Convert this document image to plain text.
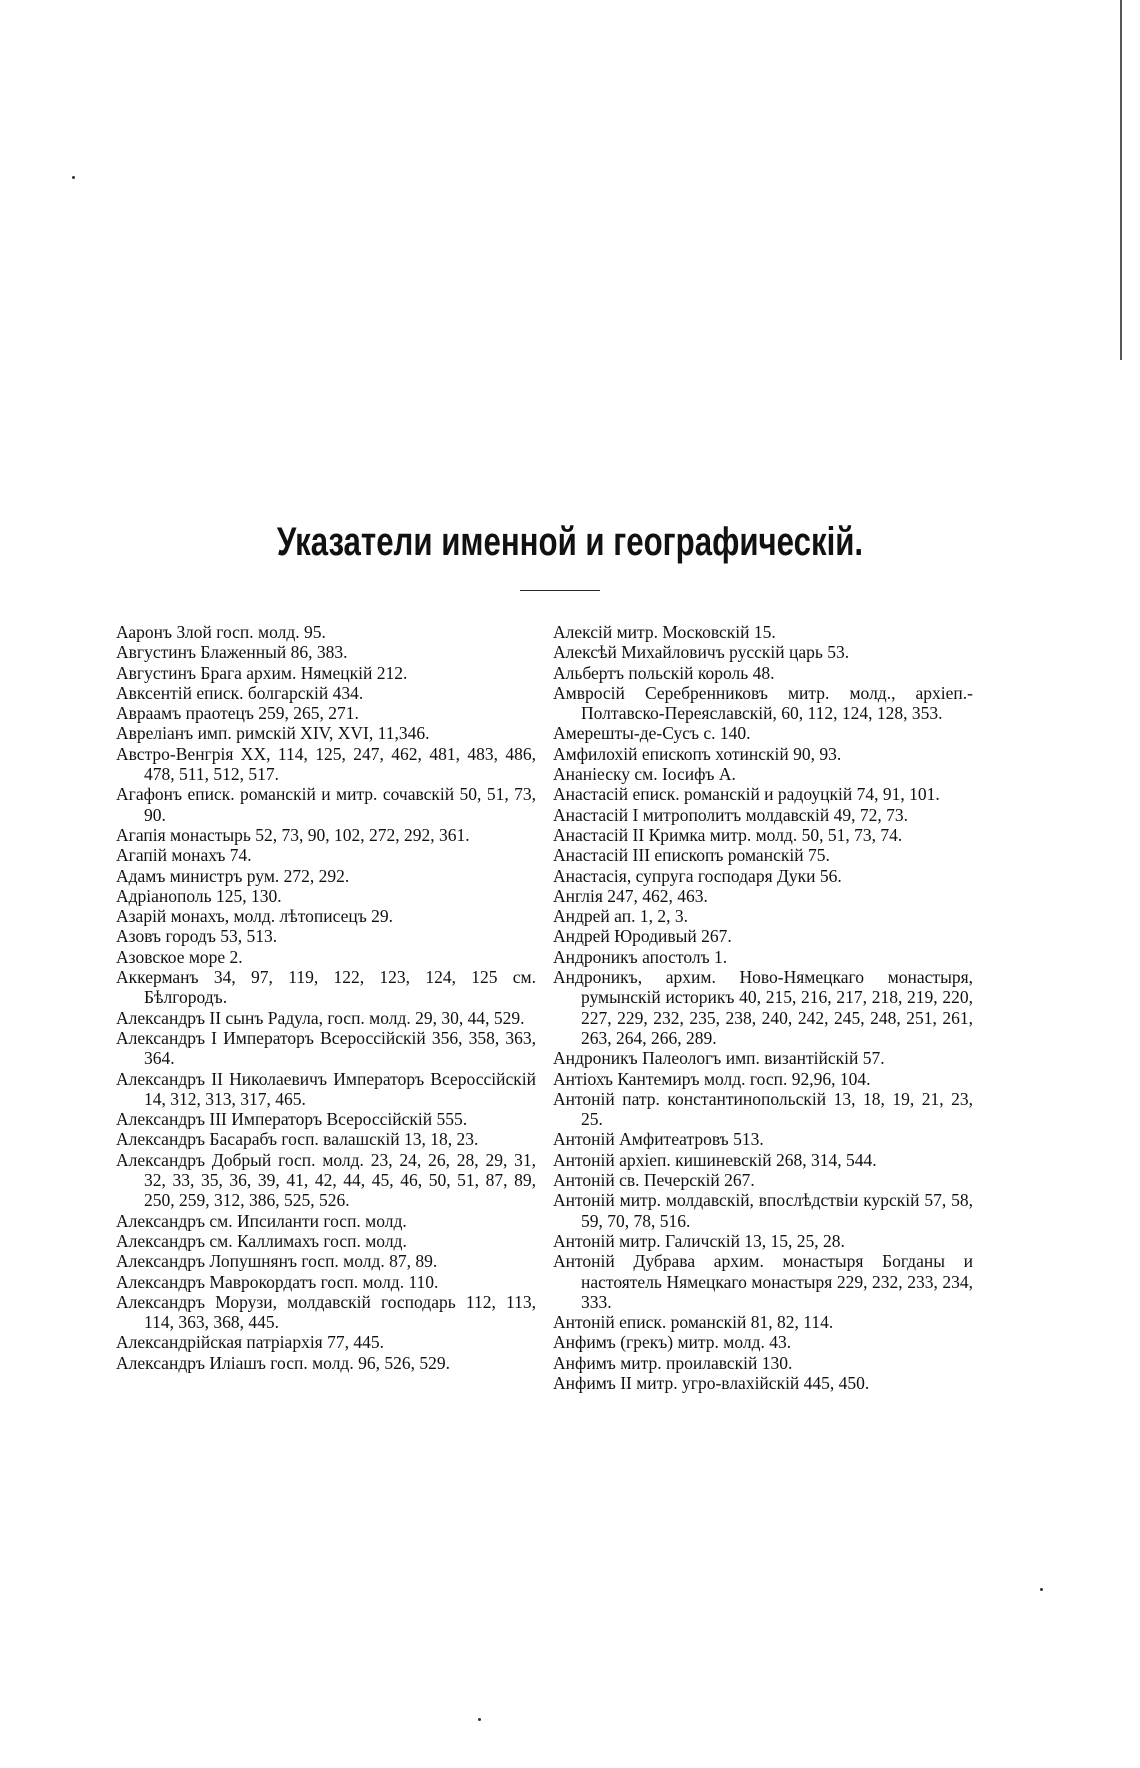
Указатели именной и географическій.
Ааронъ Злой госп. молд. 95.
Августинъ Блаженный 86, 383.
Августинъ Брага архим. Нямецкій 212.
Авксентій еписк. болгарскій 434.
Авраамъ праотецъ 259, 265, 271.
Аврелiанъ имп. римскій XIV, XVI, 11,346.
Австро-Венгрія XX, 114, 125, 247, 462, 481, 483, 486, 478, 511, 512, 517.
Агафонъ еписк. романскій и митр. сочавскій 50, 51, 73, 90.
Агапія монастырь 52, 73, 90, 102, 272, 292, 361.
Агапій монахъ 74.
Адамъ министръ рум. 272, 292.
Адріанополь 125, 130.
Азарій монахъ, молд. лѣтописецъ 29.
Азовъ городъ 53, 513.
Азовское море 2.
Аккерманъ 34, 97, 119, 122, 123, 124, 125 см. Бѣлгородъ.
Александръ II сынъ Радула, госп. молд. 29, 30, 44, 529.
Александръ I Императоръ Всероссійскій 356, 358, 363, 364.
Александръ II Николаевичъ Императоръ Всероссійскій 14, 312, 313, 317, 465.
Александръ III Императоръ Всероссійскій 555.
Александръ Басарабъ госп. валашскій 13, 18, 23.
Александръ Добрый госп. молд. 23, 24, 26, 28, 29, 31, 32, 33, 35, 36, 39, 41, 42, 44, 45, 46, 50, 51, 87, 89, 250, 259, 312, 386, 525, 526.
Александръ см. Ипсиланти госп. молд.
Александръ см. Каллимахъ госп. молд.
Александръ Лопушнянъ госп. молд. 87, 89.
Александръ Маврокордатъ госп. молд. 110.
Александръ Морузи, молдавскій господарь 112, 113, 114, 363, 368, 445.
Александрійская патріархія 77, 445.
Александръ Иліашъ госп. молд. 96, 526, 529.
Алексій митр. Московскій 15.
Алексѣй Михайловичъ русскій царь 53.
Альбертъ польскій король 48.
Амвросій Серебренниковъ митр. молд., архіеп.-Полтавско-Переяславскій, 60, 112, 124, 128, 353.
Амерешты-де-Сусъ с. 140.
Амфилохій епископъ хотинскій 90, 93.
Ананіеску см. Іосифъ А.
Анастасій еписк. романскій и радоуцкій 74, 91, 101.
Анастасій I митрополитъ молдавскій 49, 72, 73.
Анастасій II Кримка митр. молд. 50, 51, 73, 74.
Анастасій III епископъ романскій 75.
Анастасія, супруга господаря Дуки 56.
Англія 247, 462, 463.
Андрей ап. 1, 2, 3.
Андрей Юродивый 267.
Андроникъ апостолъ 1.
Андроникъ, архим. Ново-Нямецкаго монастыря, румынскій историкъ 40, 215, 216, 217, 218, 219, 220, 227, 229, 232, 235, 238, 240, 242, 245, 248, 251, 261, 263, 264, 266, 289.
Андроникъ Палеологъ имп. византійскій 57.
Антіохъ Кантемиръ молд. госп. 92,96, 104.
Антоній патр. константинопольскій 13, 18, 19, 21, 23, 25.
Антоній Амфитеатровъ 513.
Антоній архіеп. кишиневскій 268, 314, 544.
Антоній св. Печерскій 267.
Антоній митр. молдавскій, впослѣдствіи курскій 57, 58, 59, 70, 78, 516.
Антоній митр. Галичскій 13, 15, 25, 28.
Антоній Дубрава архим. монастыря Богданы и настоятель Нямецкаго монастыря 229, 232, 233, 234, 333.
Антоній еписк. романскій 81, 82, 114.
Анфимъ (грекъ) митр. молд. 43.
Анфимъ митр. проилавскій 130.
Анфимъ II митр. угро-влахійскій 445, 450.
